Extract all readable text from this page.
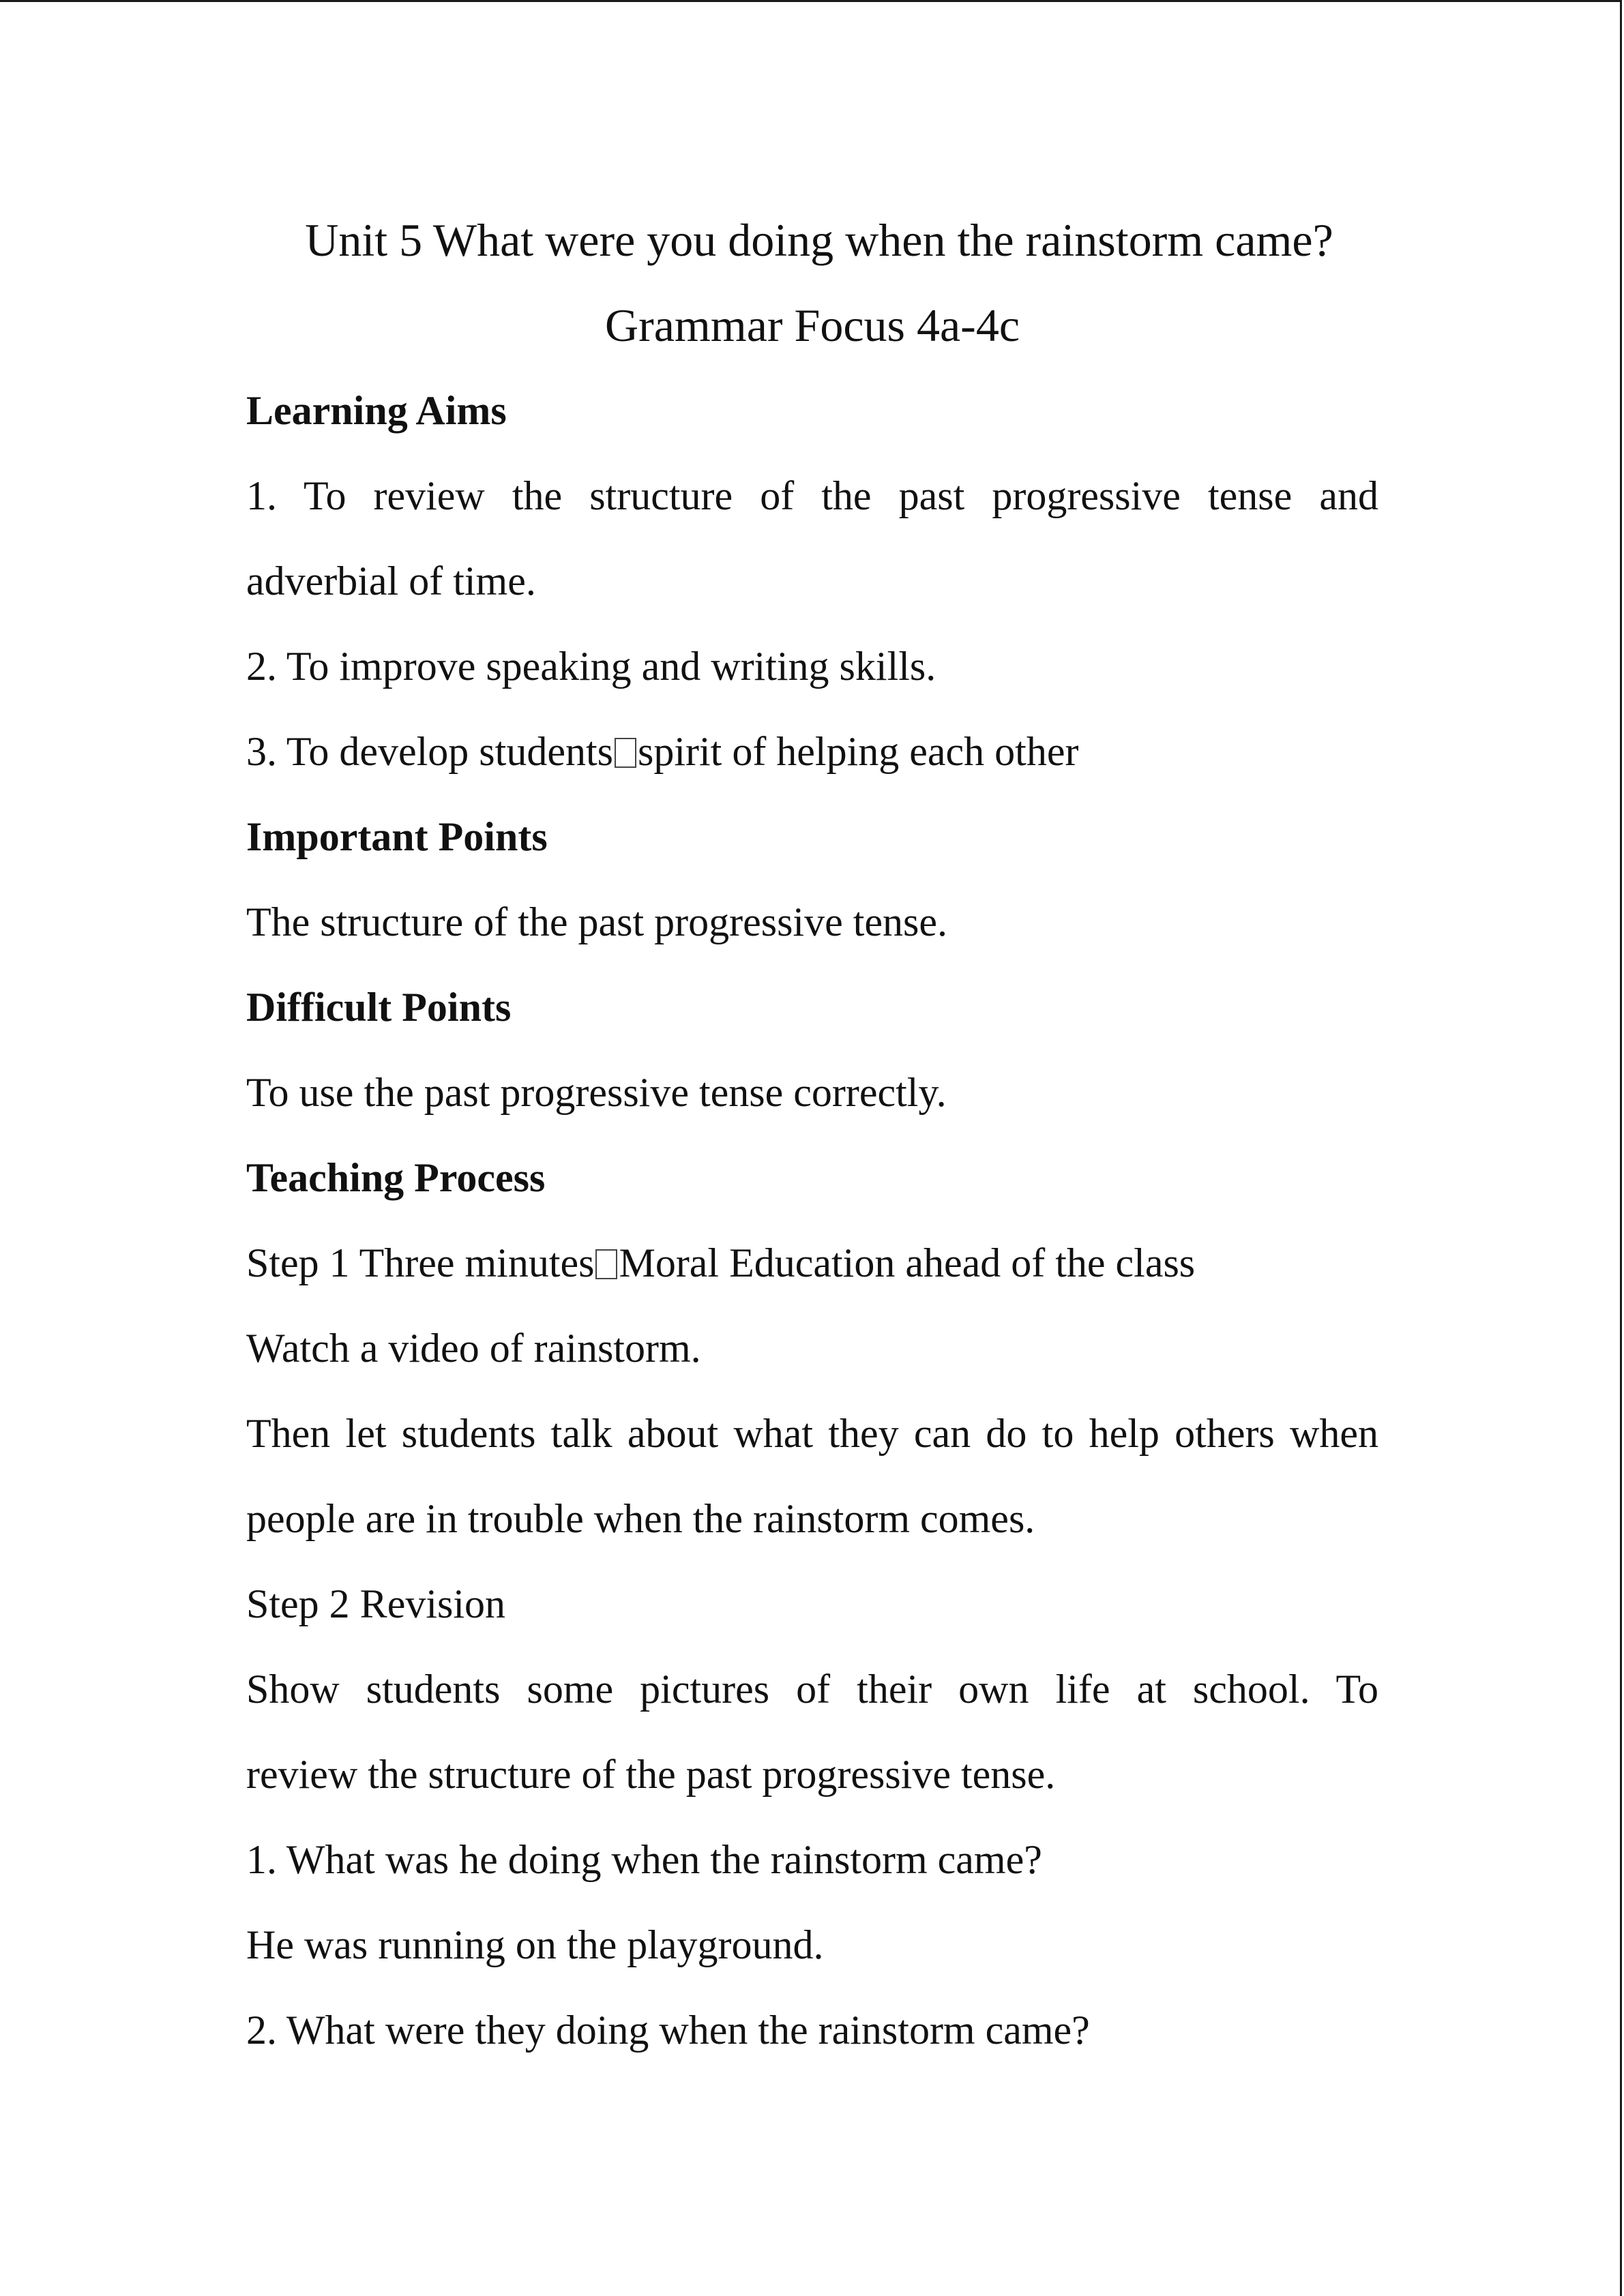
Unit 5 What were you doing when the rainstorm came?

Grammar Focus 4a-4c

Learning Aims

1. To review the structure of the past progressive tense and

adverbial of time.

2. To improve speaking and writing skills.

3. To develop students spirit of helping each other

Important Points

The structure of the past progressive tense.

Difficult Points

To use the past progressive tense correctly.

Teaching Process

Step 1 Three minutes Moral Education ahead of the class

Watch a video of rainstorm.

Then let students talk about what they can do to help others when

people are in trouble when the rainstorm comes.

Step 2 Revision

Show students some pictures of their own life at school. To

review the structure of the past progressive tense.

1. What was he doing when the rainstorm came?

He was running on the playground.

2. What were they doing when the rainstorm came?
